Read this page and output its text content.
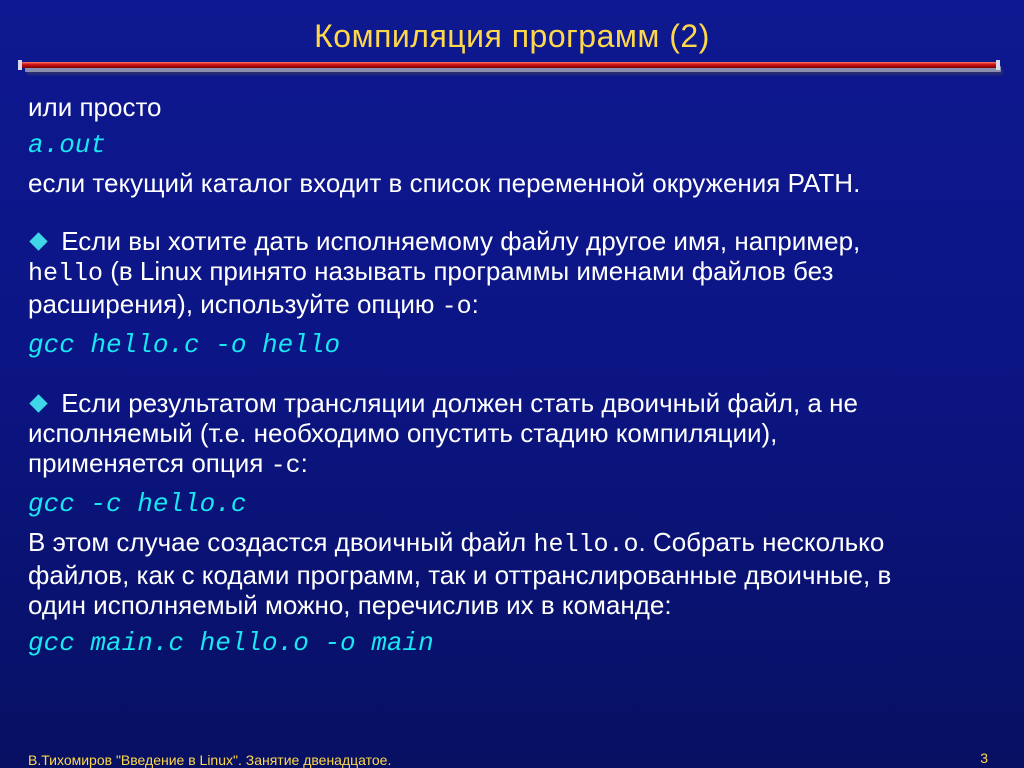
Компиляция программ (2)

или просто

a.out

если текущий каталог входит в список переменной окружения PATH.

Если вы хотите дать исполняемому файлу другое имя, например,

hello (в Linux принято называть программы именами файлов без

расширения), используйте опцию -o:

gcc hello.c -o hello

Если результатом трансляции должен стать двоичный файл, а не

исполняемый (т.е. необходимо опустить стадию компиляции),

применяется опция -c:

gcc -c hello.c

В этом случае создастся двоичный файл hello.o. Собрать несколько

файлов, как с кодами программ, так и оттранслированные двоичные, в

один исполняемый можно, перечислив их в команде:

gcc main.c hello.o -o main

В.Тихомиров "Введение в Linux". Занятие двенадцатое.	3
